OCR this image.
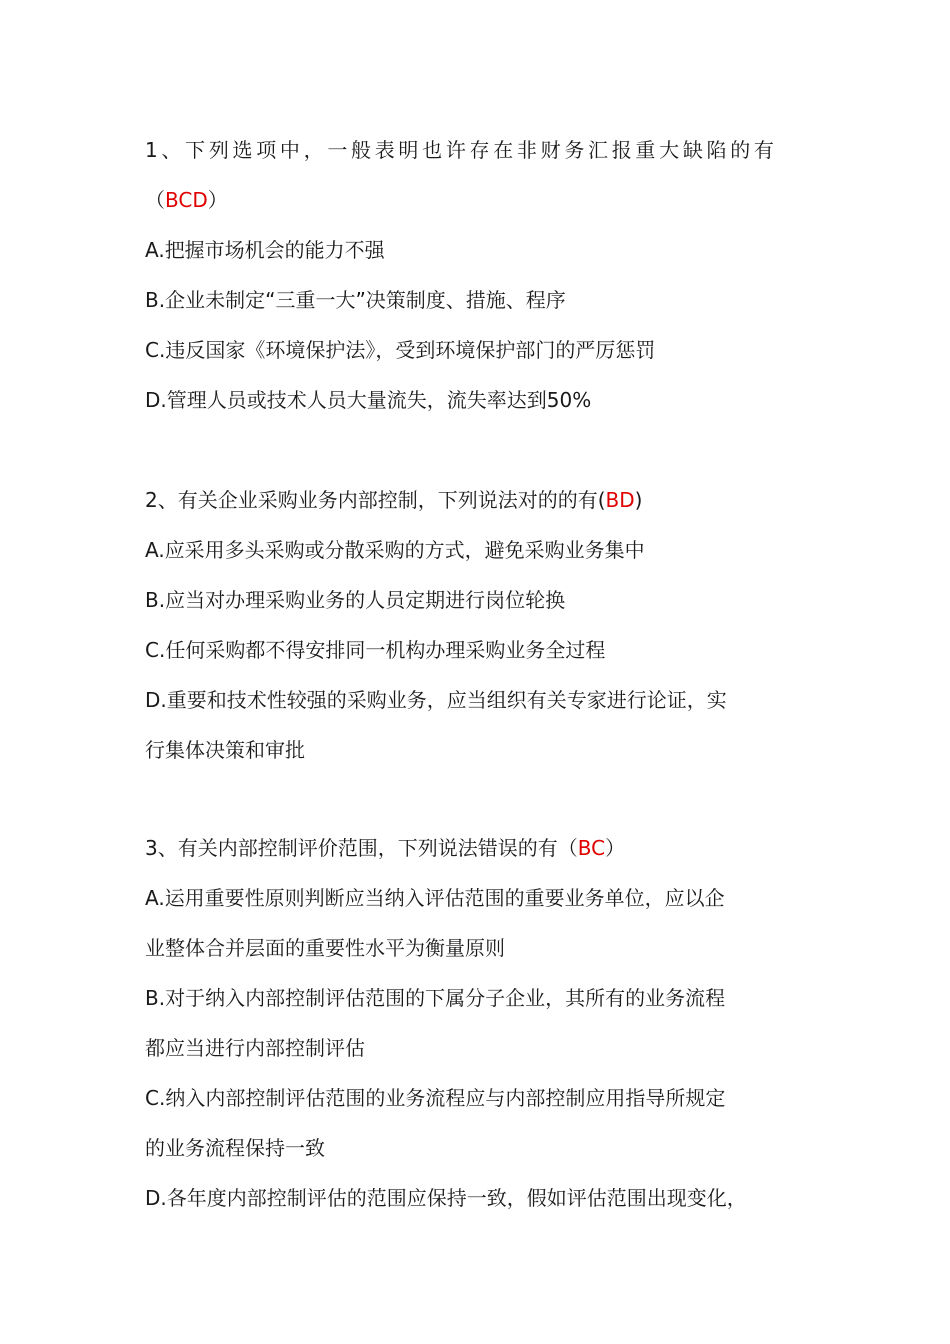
1、下列选项中，一般表明也许存在非财务汇报重大缺陷的有
（BCD）
A.把握市场机会的能力不强
B.企业未制定“三重一大”决策制度、措施、程序
C.违反国家《环境保护法》，受到环境保护部门的严厉惩罚
D.管理人员或技术人员大量流失，流失率达到50%
2、有关企业采购业务内部控制，下列说法对的的有(BD)
A.应采用多头采购或分散采购的方式，避免采购业务集中
B.应当对办理采购业务的人员定期进行岗位轮换
C.任何采购都不得安排同一机构办理采购业务全过程
D.重要和技术性较强的采购业务，应当组织有关专家进行论证，实
行集体决策和审批
3、有关内部控制评价范围，下列说法错误的有（BC）
A.运用重要性原则判断应当纳入评估范围的重要业务单位，应以企
业整体合并层面的重要性水平为衡量原则
B.对于纳入内部控制评估范围的下属分子企业，其所有的业务流程
都应当进行内部控制评估
C.纳入内部控制评估范围的业务流程应与内部控制应用指导所规定
的业务流程保持一致
D.各年度内部控制评估的范围应保持一致，假如评估范围出现变化，
